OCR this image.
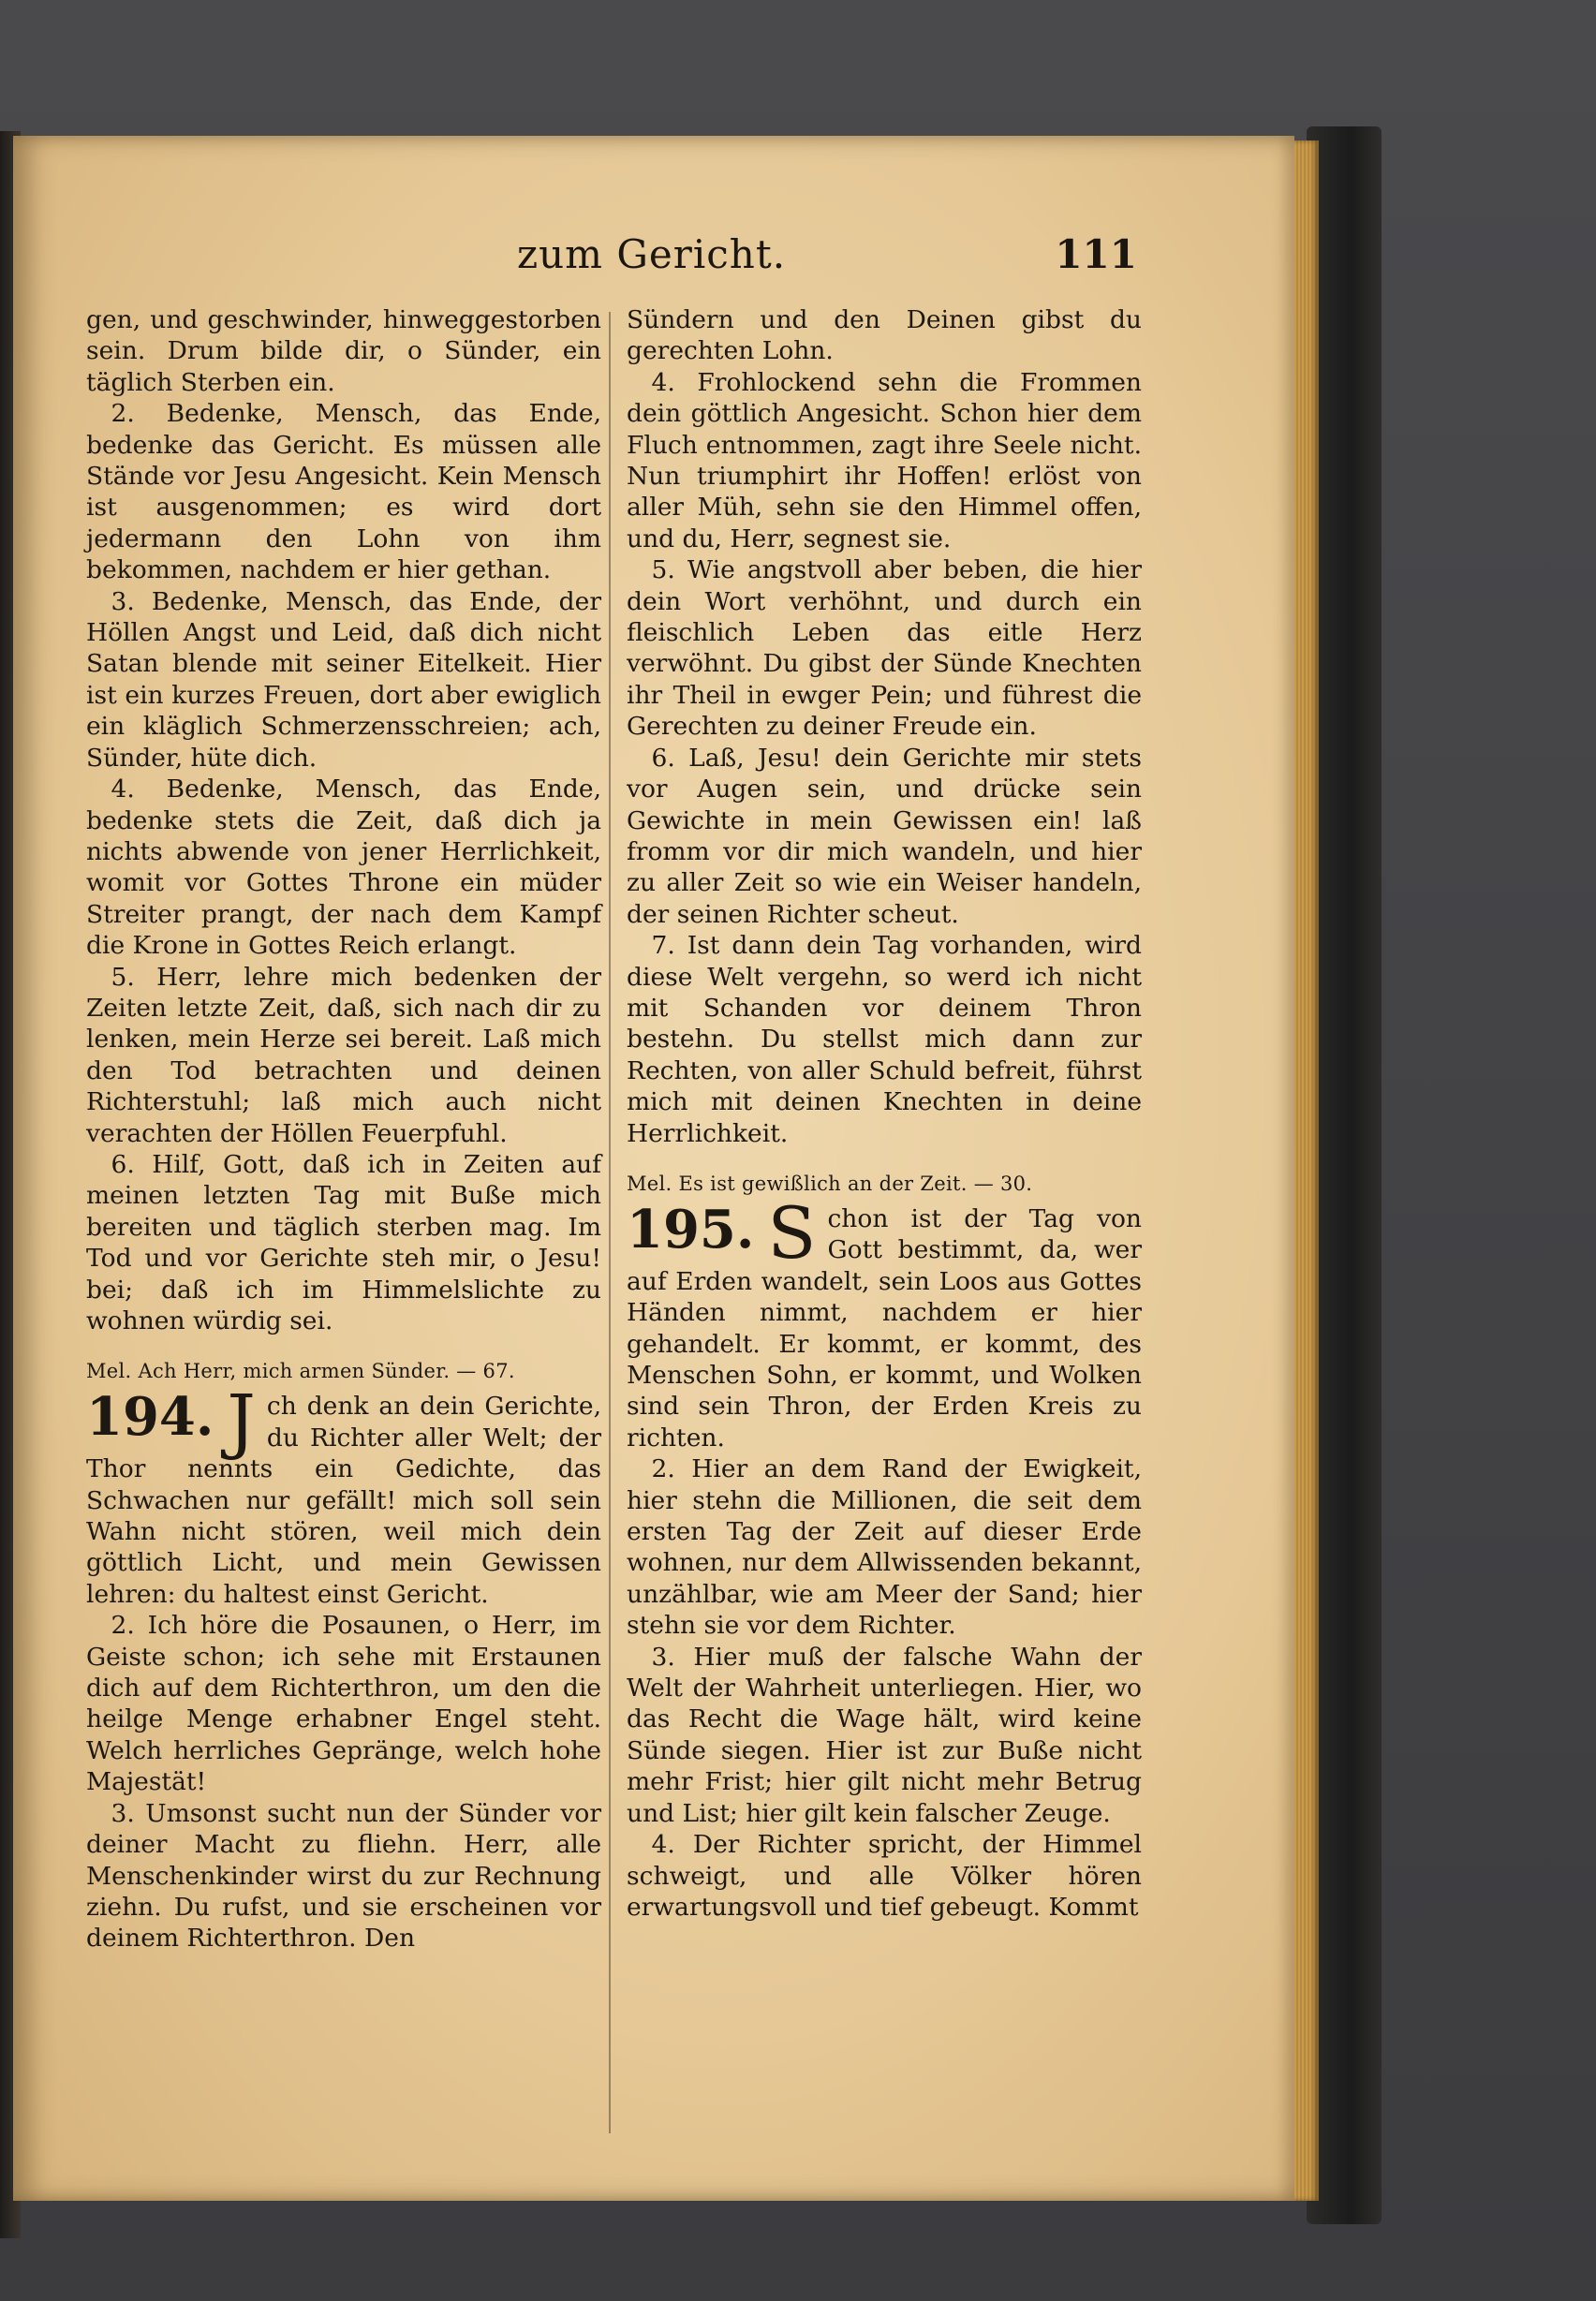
zum Gericht.	111

gen, und geschwinder, hinweggestorben sein. Drum bilde dir, o Sünder, ein täglich Sterben ein.

2. Bedenke, Mensch, das Ende, bedenke das Gericht. Es müssen alle Stände vor Jesu Angesicht. Kein Mensch ist ausgenommen; es wird dort jedermann den Lohn von ihm bekommen, nachdem er hier gethan.

3. Bedenke, Mensch, das Ende, der Höllen Angst und Leid, daß dich nicht Satan blende mit seiner Eitelkeit. Hier ist ein kurzes Freuen, dort aber ewiglich ein kläglich Schmerzensschreien; ach, Sünder, hüte dich.

4. Bedenke, Mensch, das Ende, bedenke stets die Zeit, daß dich ja nichts abwende von jener Herrlichkeit, womit vor Gottes Throne ein müder Streiter prangt, der nach dem Kampf die Krone in Gottes Reich erlangt.

5. Herr, lehre mich bedenken der Zeiten letzte Zeit, daß, sich nach dir zu lenken, mein Herze sei bereit. Laß mich den Tod betrachten und deinen Richterstuhl; laß mich auch nicht verachten der Höllen Feuerpfuhl.

6. Hilf, Gott, daß ich in Zeiten auf meinen letzten Tag mit Buße mich bereiten und täglich sterben mag. Im Tod und vor Gerichte steh mir, o Jesu! bei; daß ich im Himmelslichte zu wohnen würdig sei.

Mel. Ach Herr, mich armen Sünder. — 67.

194. J ch denk an dein Gerichte, du Richter aller Welt; der Thor nennts ein Gedichte, das Schwachen nur gefällt! mich soll sein Wahn nicht stören, weil mich dein göttlich Licht, und mein Gewissen lehren: du haltest einst Gericht.

2. Ich höre die Posaunen, o Herr, im Geiste schon; ich sehe mit Erstaunen dich auf dem Richterthron, um den die heilge Menge erhabner Engel steht. Welch herrliches Gepränge, welch hohe Majestät!

3. Umsonst sucht nun der Sünder vor deiner Macht zu fliehn. Herr, alle Menschenkinder wirst du zur Rechnung ziehn. Du rufst, und sie erscheinen vor deinem Richterthron. Den

Sündern und den Deinen gibst du gerechten Lohn.

4. Frohlockend sehn die Frommen dein göttlich Angesicht. Schon hier dem Fluch entnommen, zagt ihre Seele nicht. Nun triumphirt ihr Hoffen! erlöst von aller Müh, sehn sie den Himmel offen, und du, Herr, segnest sie.

5. Wie angstvoll aber beben, die hier dein Wort verhöhnt, und durch ein fleischlich Leben das eitle Herz verwöhnt. Du gibst der Sünde Knechten ihr Theil in ewger Pein; und führest die Gerechten zu deiner Freude ein.

6. Laß, Jesu! dein Gerichte mir stets vor Augen sein, und drücke sein Gewichte in mein Gewissen ein! laß fromm vor dir mich wandeln, und hier zu aller Zeit so wie ein Weiser handeln, der seinen Richter scheut.

7. Ist dann dein Tag vorhanden, wird diese Welt vergehn, so werd ich nicht mit Schanden vor deinem Thron bestehn. Du stellst mich dann zur Rechten, von aller Schuld befreit, führst mich mit deinen Knechten in deine Herrlichkeit.

Mel. Es ist gewißlich an der Zeit. — 30.

195. S chon ist der Tag von Gott bestimmt, da, wer auf Erden wandelt, sein Loos aus Gottes Händen nimmt, nachdem er hier gehandelt. Er kommt, er kommt, des Menschen Sohn, er kommt, und Wolken sind sein Thron, der Erden Kreis zu richten.

2. Hier an dem Rand der Ewigkeit, hier stehn die Millionen, die seit dem ersten Tag der Zeit auf dieser Erde wohnen, nur dem Allwissenden bekannt, unzählbar, wie am Meer der Sand; hier stehn sie vor dem Richter.

3. Hier muß der falsche Wahn der Welt der Wahrheit unterliegen. Hier, wo das Recht die Wage hält, wird keine Sünde siegen. Hier ist zur Buße nicht mehr Frist; hier gilt nicht mehr Betrug und List; hier gilt kein falscher Zeuge.

4. Der Richter spricht, der Himmel schweigt, und alle Völker hören erwartungsvoll und tief gebeugt. Kommt
